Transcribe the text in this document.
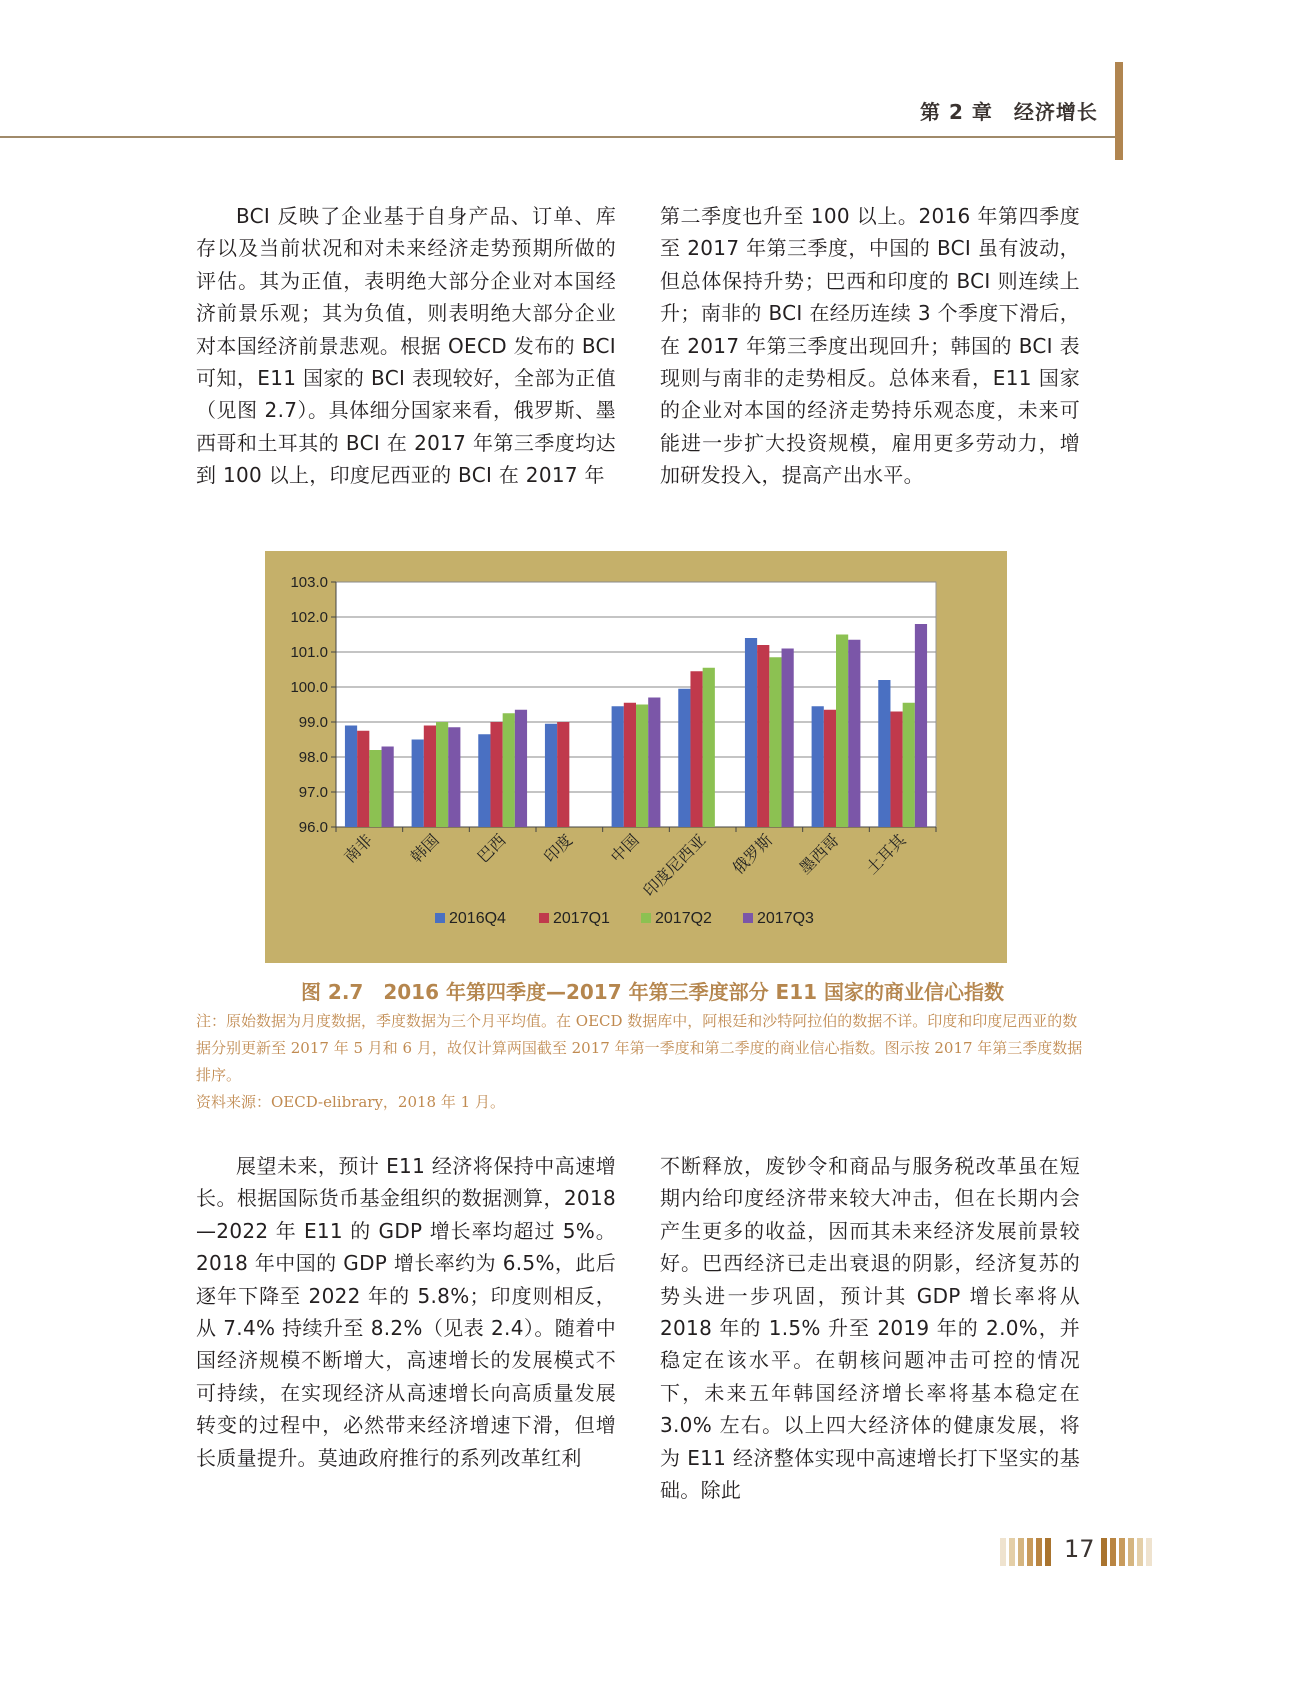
第 2 章　经济增长

BCI 反映了企业基于自身产品、订单、库存以及当前状况和对未来经济走势预期所做的评估。其为正值，表明绝大部分企业对本国经济前景乐观；其为负值，则表明绝大部分企业对本国经济前景悲观。根据 OECD 发布的 BCI 可知，E11 国家的 BCI 表现较好，全部为正值（见图 2.7）。具体细分国家来看，俄罗斯、墨西哥和土耳其的 BCI 在 2017 年第三季度均达到 100 以上，印度尼西亚的 BCI 在 2017 年

第二季度也升至 100 以上。2016 年第四季度至 2017 年第三季度，中国的 BCI 虽有波动，但总体保持升势；巴西和印度的 BCI 则连续上升；南非的 BCI 在经历连续 3 个季度下滑后，在 2017 年第三季度出现回升；韩国的 BCI 表现则与南非的走势相反。总体来看，E11 国家的企业对本国的经济走势持乐观态度，未来可能进一步扩大投资规模，雇用更多劳动力，增加研发投入，提高产出水平。

96.0
97.0
98.0
99.0
100.0
101.0
102.0
103.0
南非 韩国 巴西 印度 中国
印度尼西亚 俄罗斯 墨西哥 土耳其
2016Q4	2017Q1	2017Q2	2017Q3
图 2.7　2016 年第四季度—2017 年第三季度部分 E11 国家的商业信心指数

注：原始数据为月度数据，季度数据为三个月平均值。在 OECD 数据库中，阿根廷和沙特阿拉伯的数据不详。印度和印度尼西亚的数据分别更新至 2017 年 5 月和 6 月，故仅计算两国截至 2017 年第一季度和第二季度的商业信心指数。图示按 2017 年第三季度数据排序。

资料来源：OECD-elibrary，2018 年 1 月。

展望未来，预计 E11 经济将保持中高速增长。根据国际货币基金组织的数据测算，2018—2022 年 E11 的 GDP 增长率均超过 5%。2018 年中国的 GDP 增长率约为 6.5%，此后逐年下降至 2022 年的 5.8%；印度则相反，从 7.4% 持续升至 8.2%（见表 2.4）。随着中国经济规模不断增大，高速增长的发展模式不可持续，在实现经济从高速增长向高质量发展转变的过程中，必然带来经济增速下滑，但增长质量提升。莫迪政府推行的系列改革红利

不断释放，废钞令和商品与服务税改革虽在短期内给印度经济带来较大冲击，但在长期内会产生更多的收益，因而其未来经济发展前景较好。巴西经济已走出衰退的阴影，经济复苏的势头进一步巩固，预计其 GDP 增长率将从 2018 年的 1.5% 升至 2019 年的 2.0%，并稳定在该水平。在朝核问题冲击可控的情况下，未来五年韩国经济增长率将基本稳定在 3.0% 左右。以上四大经济体的健康发展，将为 E11 经济整体实现中高速增长打下坚实的基础。除此

17
